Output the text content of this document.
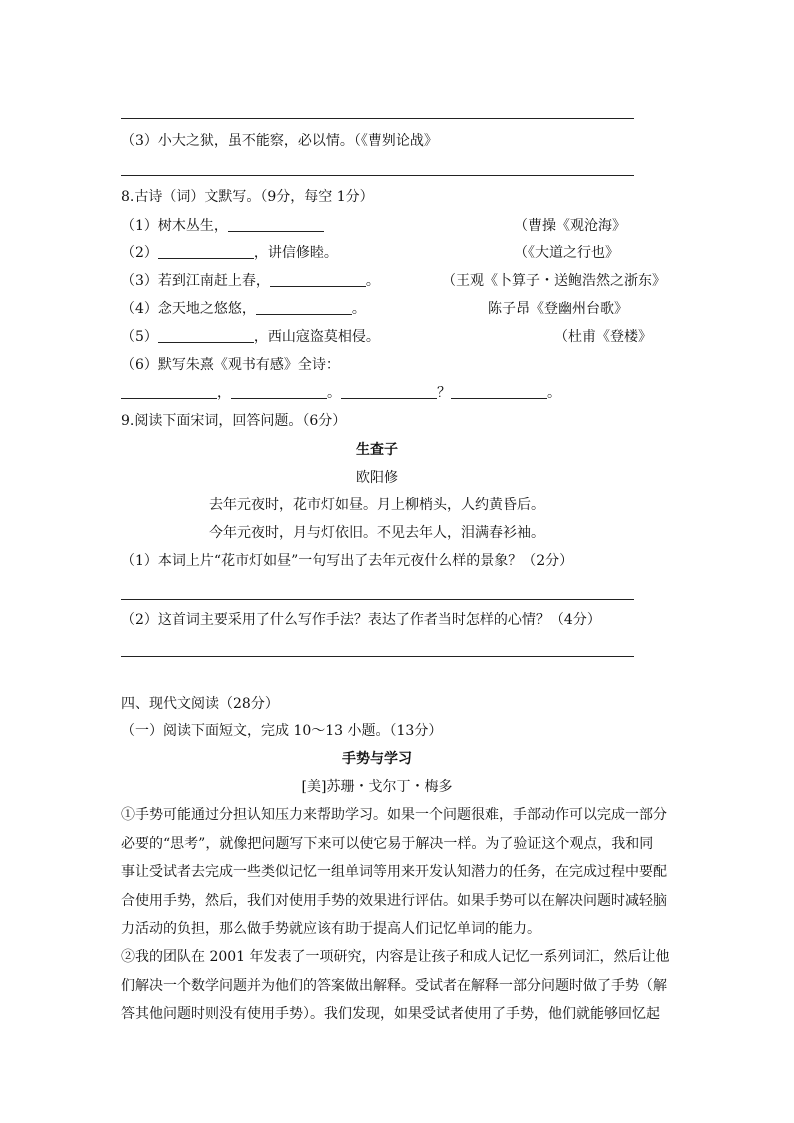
（3）小大之狱，虽不能察，必以情。（《曹刿论战》
8.古诗（词）文默写。（9分，每空 1分）
（1）树木丛生，	（曹操《观沧海》
（2）	，讲信修睦。	（《大道之行也》
（3）若到江南赶上春，	。	（王观《卜算子・送鲍浩然之浙东》
（4）念天地之悠悠，	。	陈子昂《登幽州台歌》
（5）	，西山寇盗莫相侵。	（杜甫《登楼》
（6）默写朱熹《观书有感》全诗：
，	。	？	。
9.阅读下面宋词，回答问题。（6分）
生查子
欧阳修
去年元夜时，花市灯如昼。月上柳梢头，人约黄昏后。
今年元夜时，月与灯依旧。不见去年人，泪满春衫袖。
（1）本词上片“花市灯如昼”一句写出了去年元夜什么样的景象？（2分）
（2）这首词主要采用了什么写作手法？表达了作者当时怎样的心情？（4分）
四、现代文阅读（28分）
（一）阅读下面短文，完成 10～13 小题。（13分）
手势与学习
[美]苏珊・戈尔丁・梅多
①手势可能通过分担认知压力来帮助学习。如果一个问题很难，手部动作可以完成一部分
必要的“思考”，就像把问题写下来可以使它易于解决一样。为了验证这个观点，我和同
事让受试者去完成一些类似记忆一组单词等用来开发认知潜力的任务，在完成过程中要配
合使用手势，然后，我们对使用手势的效果进行评估。如果手势可以在解决问题时减轻脑
力活动的负担，那么做手势就应该有助于提高人们记忆单词的能力。
②我的团队在 2001 年发表了一项研究，内容是让孩子和成人记忆一系列词汇，然后让他
们解决一个数学问题并为他们的答案做出解释。受试者在解释一部分问题时做了手势（解
答其他问题时则没有使用手势）。我们发现，如果受试者使用了手势，他们就能够回忆起
